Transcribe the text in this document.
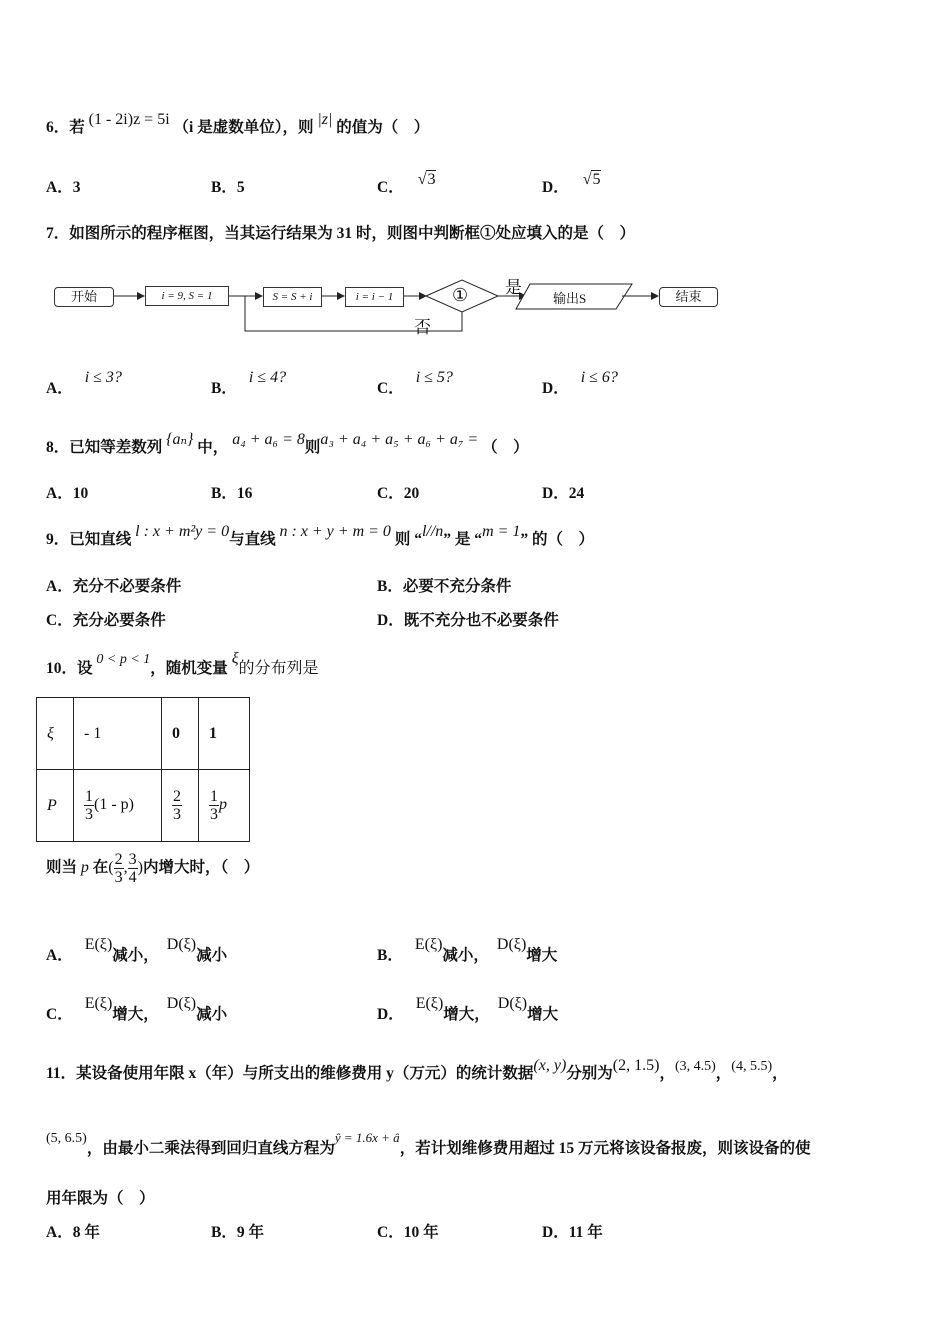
6．若 (1 - 2i)z = 5i （i 是虚数单位），则 |z| 的值为（　）
A．3	B．5	C． √3	D． √5
7．如图所示的程序框图，当其运行结果为 31 时，则图中判断框①处应填入的是（　）
开始	i = 9, S = 1	S = S + i	i = i − 1	① 是
否
输出S	结束
A．i ≤ 3?
B．i ≤ 4?
C．i ≤ 5?
D．i ≤ 6?
8．已知等差数列 {aₙ} 中， a₄ + a₆ = 8则a₃ + a₄ + a₅ + a₆ + a₇ = （　）
A．10	B．16	C．20	D．24
9．已知直线 l : x + m²y = 0与直线 n : x + y + m = 0 则 “l//n” 是 “m = 1” 的（　）
A．充分不必要条件	B．必要不充分条件
C．充分必要条件	D．既不充分也不必要条件
10．设 0 < p < 1，随机变量 ξ的分布列是
ξ	- 1	0	1
P	$\frac{1}{3} (1 - p)$	$\frac{2}{3}$	$\frac{1}{3}$ p
则当 p 在( $\frac{2}{3}$ , $\frac{3}{4}$ )内增大时，（　）
A．E(ξ)减小，D(ξ)减小	B．E(ξ)减小，D(ξ)增大
C．E(ξ)增大，D(ξ)减小	D．E(ξ)增大，D(ξ)增大
11．某设备使用年限 x（年）与所支出的维修费用 y（万元）的统计数据(x, y)分别为(2, 1.5)，(3, 4.5)，(4, 5.5)，
(5, 6.5)，由最小二乘法得到回归直线方程为$^{ŷ = 1.6x + â}$，若计划维修费用超过 15 万元将该设备报废，则该设备的使
用年限为（　）
A．8 年	B．9 年	C．10 年	D．11 年
